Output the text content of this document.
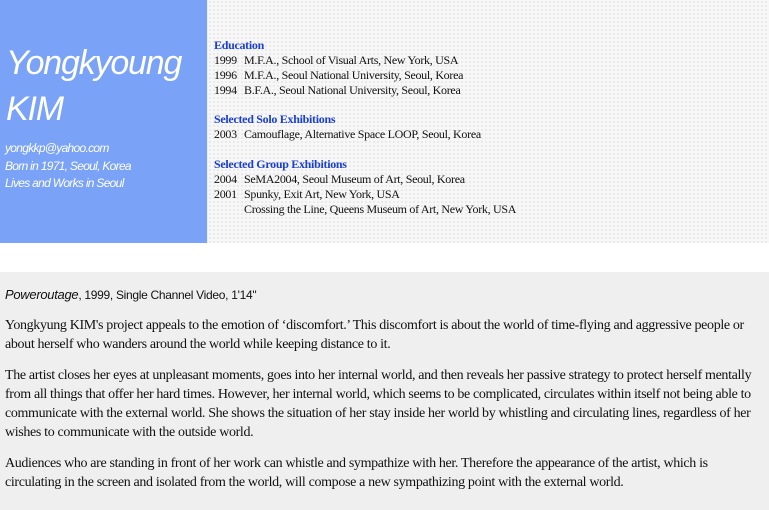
Yongkyoung
KIM
yongkkp@yahoo.com
Born in 1971, Seoul, Korea
Lives and Works in Seoul
Education
1999 M.F.A., School of Visual Arts, New York, USA
1996 M.F.A., Seoul National University, Seoul, Korea
1994 B.F.A., Seoul National University, Seoul, Korea
Selected Solo Exhibitions
2003 Camouflage, Alternative Space LOOP, Seoul, Korea
Selected Group Exhibitions
2004 SeMA2004, Seoul Museum of Art, Seoul, Korea
2001 Spunky, Exit Art, New York, USA
Crossing the Line, Queens Museum of Art, New York, USA
Poweroutage, 1999, Single Channel Video, 1'14"
Yongkyung KIM's project appeals to the emotion of ‘discomfort.’ This discomfort is about the world of time-flying and aggressive people or about herself who wanders around the world while keeping distance to it.
The artist closes her eyes at unpleasant moments, goes into her internal world, and then reveals her passive strategy to protect herself mentally from all things that offer her hard times. However, her internal world, which seems to be complicated, circulates within itself not being able to communicate with the external world. She shows the situation of her stay inside her world by whistling and circulating lines, regardless of her wishes to communicate with the outside world.
Audiences who are standing in front of her work can whistle and sympathize with her. Therefore the appearance of the artist, which is circulating in the screen and isolated from the world, will compose a new sympathizing point with the external world.
